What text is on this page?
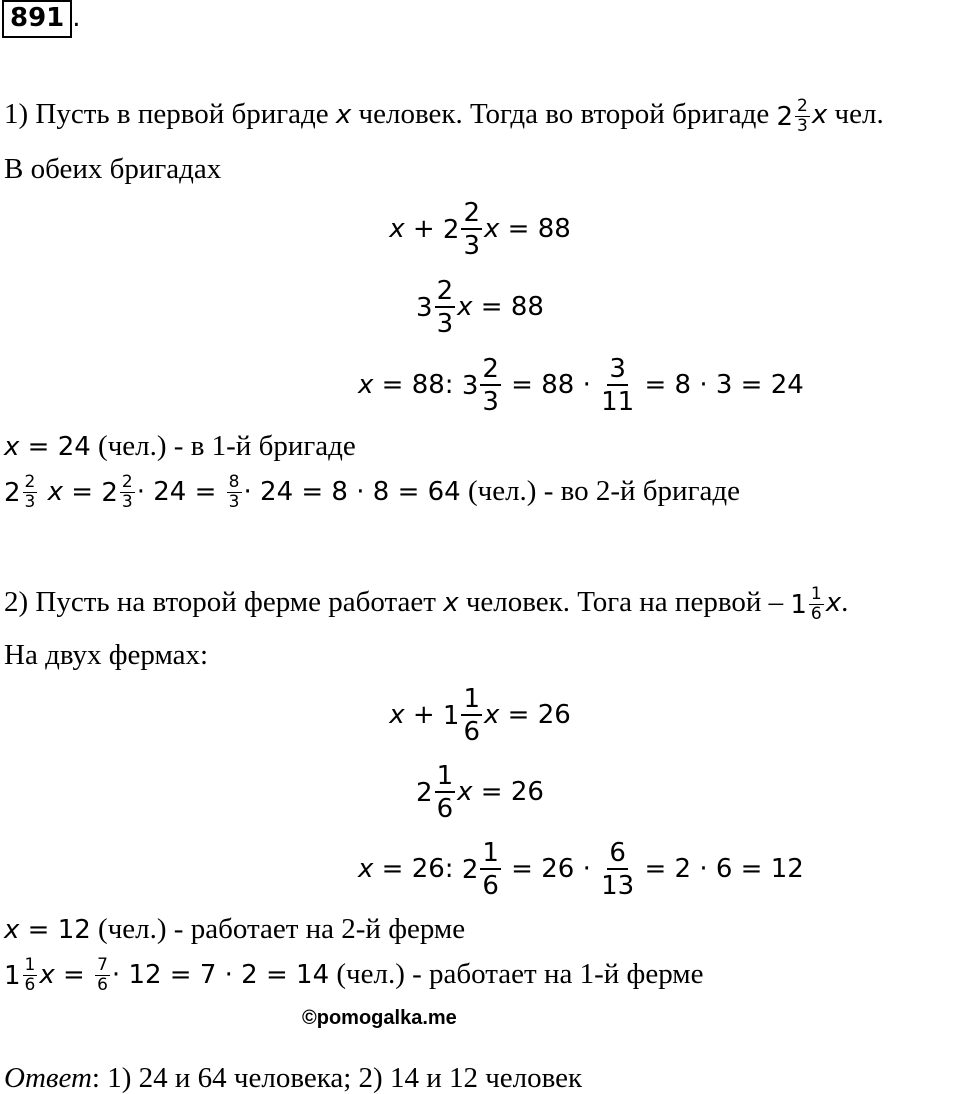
891 .
1) Пусть в первой бригаде x человек. Тогда во второй бригаде $2 \frac{2}{3}$ x чел.
В обеих бригадах
$x + 2 \frac{2}{3}$ x = 88
$3 \frac{2}{3}$ x = 88
x = 88: $3 \frac{2}{3} = 88 \cdot \frac{3}{11} = 8 \cdot 3 = 24$
x = 24 (чел.) - в 1-й бригаде
$2 \frac{2}{3}$ $x = 2 \frac{2}{3} \cdot 24 = \frac{8}{3} \cdot 24 = 8 \cdot 8 = 64$ (чел.) - во 2-й бригаде
2) Пусть на второй ферме работает x человек. Тога на первой – $1 \frac{1}{6} x$.
На двух фермах:
$x + 1 \frac{1}{6}$ x = 26
$2 \frac{1}{6}$ x = 26
x = 26: $2 \frac{1}{6} = 26 \cdot \frac{6}{13} = 2 \cdot 6 = 12$
x = 12 (чел.) - работает на 2-й ферме
$1 \frac{1}{6}$ $x = \frac{7}{6} \cdot 12 = 7 \cdot 2 = 14$ (чел.) - работает на 1-й ферме
©pomogalka.me
Ответ: 1) 24 и 64 человека; 2) 14 и 12 человек
